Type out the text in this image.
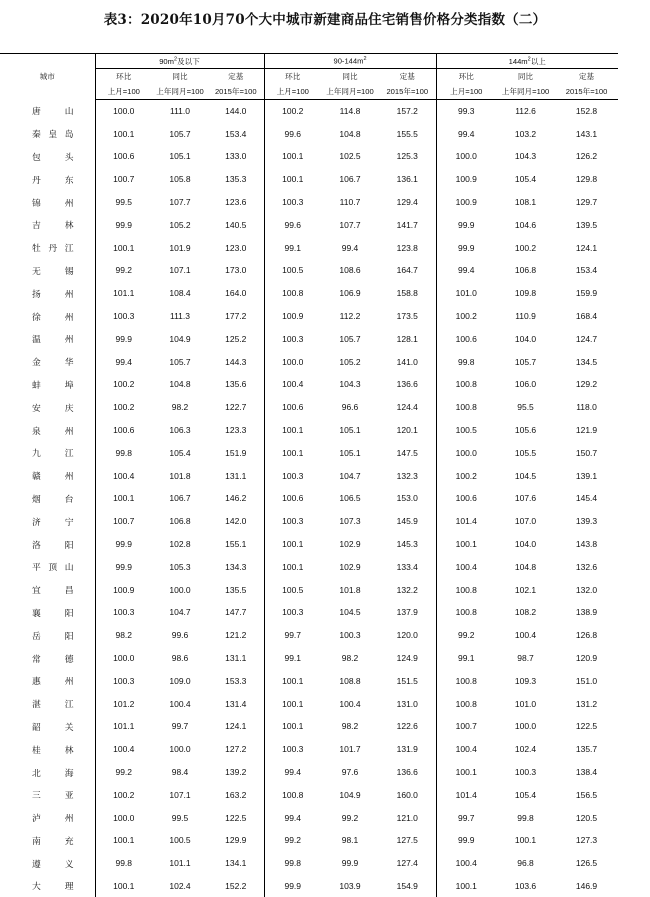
表3：2020年10月70个大中城市新建商品住宅销售价格分类指数（二）
城市	$90m^2$及以下			$90-144m^2$			$144m^2$以上		
	环比	同比	定基	环比	同比	定基	环比	同比	定基
	上月=100	上年同月=100	2015年=100	上月=100	上年同月=100	2015年=100	上月=100	上年同月=100	2015年=100
唐山	100.0	111.0	144.0	100.2	114.8	157.2	99.3	112.6	152.8
秦皇岛	100.1	105.7	153.4	99.6	104.8	155.5	99.4	103.2	143.1
包头	100.6	105.1	133.0	100.1	102.5	125.3	100.0	104.3	126.2
丹东	100.7	105.8	135.3	100.1	106.7	136.1	100.9	105.4	129.8
锦州	99.5	107.7	123.6	100.3	110.7	129.4	100.9	108.1	129.7
吉林	99.9	105.2	140.5	99.6	107.7	141.7	99.9	104.6	139.5
牡丹江	100.1	101.9	123.0	99.1	99.4	123.8	99.9	100.2	124.1
无锡	99.2	107.1	173.0	100.5	108.6	164.7	99.4	106.8	153.4
扬州	101.1	108.4	164.0	100.8	106.9	158.8	101.0	109.8	159.9
徐州	100.3	111.3	177.2	100.9	112.2	173.5	100.2	110.9	168.4
温州	99.9	104.9	125.2	100.3	105.7	128.1	100.6	104.0	124.7
金华	99.4	105.7	144.3	100.0	105.2	141.0	99.8	105.7	134.5
蚌埠	100.2	104.8	135.6	100.4	104.3	136.6	100.8	106.0	129.2
安庆	100.2	98.2	122.7	100.6	96.6	124.4	100.8	95.5	118.0
泉州	100.6	106.3	123.3	100.1	105.1	120.1	100.5	105.6	121.9
九江	99.8	105.4	151.9	100.1	105.1	147.5	100.0	105.5	150.7
赣州	100.4	101.8	131.1	100.3	104.7	132.3	100.2	104.5	139.1
烟台	100.1	106.7	146.2	100.6	106.5	153.0	100.6	107.6	145.4
济宁	100.7	106.8	142.0	100.3	107.3	145.9	101.4	107.0	139.3
洛阳	99.9	102.8	155.1	100.1	102.9	145.3	100.1	104.0	143.8
平顶山	99.9	105.3	134.3	100.1	102.9	133.4	100.4	104.8	132.6
宜昌	100.9	100.0	135.5	100.5	101.8	132.2	100.8	102.1	132.0
襄阳	100.3	104.7	147.7	100.3	104.5	137.9	100.8	108.2	138.9
岳阳	98.2	99.6	121.2	99.7	100.3	120.0	99.2	100.4	126.8
常德	100.0	98.6	131.1	99.1	98.2	124.9	99.1	98.7	120.9
惠州	100.3	109.0	153.3	100.1	108.8	151.5	100.8	109.3	151.0
湛江	101.2	100.4	131.4	100.1	100.4	131.0	100.8	101.0	131.2
韶关	101.1	99.7	124.1	100.1	98.2	122.6	100.7	100.0	122.5
桂林	100.4	100.0	127.2	100.3	101.7	131.9	100.4	102.4	135.7
北海	99.2	98.4	139.2	99.4	97.6	136.6	100.1	100.3	138.4
三亚	100.2	107.1	163.2	100.8	104.9	160.0	101.4	105.4	156.5
泸州	100.0	99.5	122.5	99.4	99.2	121.0	99.7	99.8	120.5
南充	100.1	100.5	129.9	99.2	98.1	127.5	99.9	100.1	127.3
遵义	99.8	101.1	134.1	99.8	99.9	127.4	100.4	96.8	126.5
大理	100.1	102.4	152.2	99.9	103.9	154.9	100.1	103.6	146.9
